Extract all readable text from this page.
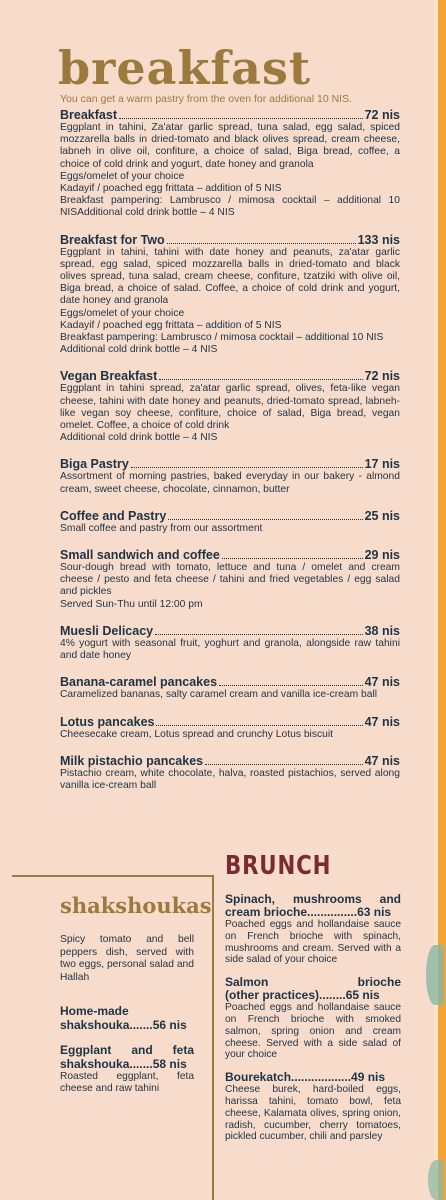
breakfast
You can get a warm pastry from the oven for additional 10 NIS.
Breakfast	72 nis
Eggplant in tahini, Za'atar garlic spread, tuna salad, egg salad, spiced mozzarella balls in dried-tomato and black olives spread, cream cheese, labneh in olive oil, confiture, a choice of salad, Biga bread, coffee, a choice of cold drink and yogurt, date honey and granola
Eggs/omelet of your choice
Kadayif / poached egg frittata – addition of 5 NIS
Breakfast pampering: Lambrusco / mimosa cocktail – additional 10 NISAdditional cold drink bottle – 4 NIS
Breakfast for Two	133 nis
Eggplant in tahini, tahini with date honey and peanuts, za'atar garlic spread, egg salad, spiced mozzarella balls in dried-tomato and black olives spread, tuna salad, cream cheese, confiture, tzatziki with olive oil, Biga bread, a choice of salad. Coffee, a choice of cold drink and yogurt, date honey and granola
Eggs/omelet of your choice
Kadayif / poached egg frittata – addition of 5 NIS
Breakfast pampering: Lambrusco / mimosa cocktail – additional 10 NIS
Additional cold drink bottle – 4 NIS
Vegan Breakfast	72 nis
Eggplant in tahini spread, za'atar garlic spread, olives, feta-like vegan cheese, tahini with date honey and peanuts, dried-tomato spread, labneh-like vegan soy cheese, confiture, choice of salad, Biga bread, vegan omelet. Coffee, a choice of cold drink
Additional cold drink bottle – 4 NIS
Biga Pastry	17 nis
Assortment of morning pastries, baked everyday in our bakery - almond cream, sweet cheese, chocolate, cinnamon, butter
Coffee and Pastry	25 nis
Small coffee and pastry from our assortment
Small sandwich and coffee	29 nis
Sour-dough bread with tomato, lettuce and tuna / omelet and cream cheese / pesto and feta cheese / tahini and fried vegetables / egg salad and pickles
Served Sun-Thu until 12:00 pm
Muesli Delicacy	38 nis
4% yogurt with seasonal fruit, yoghurt and granola, alongside raw tahini and date honey
Banana-caramel pancakes	47 nis
Caramelized bananas, salty caramel cream and vanilla ice-cream ball
Lotus pancakes	47 nis
Cheesecake cream, Lotus spread and crunchy Lotus biscuit
Milk pistachio pancakes	47 nis
Pistachio cream, white chocolate, halva, roasted pistachios, served along vanilla ice-cream ball
shakshoukas
Spicy tomato and bell peppers dish, served with two eggs, personal salad and Hallah
Home-made
shakshouka ....... 56 nis
Eggplant and feta
shakshouka ....... 58 nis
Roasted eggplant, feta cheese and raw tahini
BRUNCH
Spinach, mushrooms and
cream brioche ............... 63 nis
Poached eggs and hollandaise sauce on French brioche with spinach, mushrooms and cream. Served with a side salad of your choice
Salmon brioche
(other practices) ........ 65 nis
Poached eggs and hollandaise sauce on French brioche with smoked salmon, spring onion and cream cheese. Served with a side salad of your choice
Bourekatch .................. 49 nis
Cheese burek, hard-boiled eggs, harissa tahini, tomato bowl, feta cheese, Kalamata olives, spring onion, radish, cucumber, cherry tomatoes, pickled cucumber, chili and parsley
